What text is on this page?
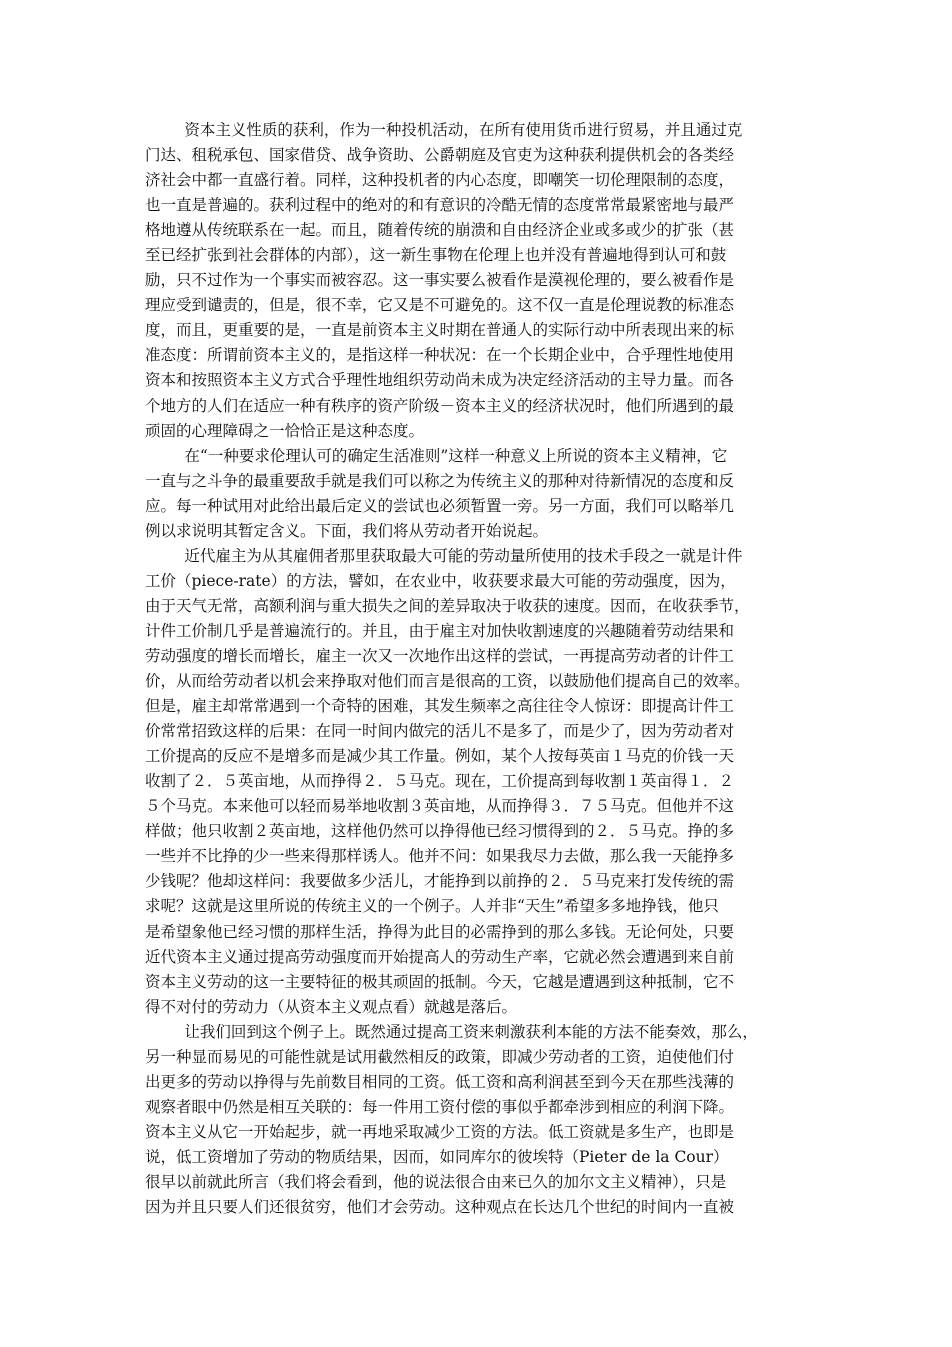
资本主义性质的获利，作为一种投机活动，在所有使用货币进行贸易，并且通过克
门达、租税承包、国家借贷、战争资助、公爵朝庭及官吏为这种获利提供机会的各类经
济社会中都一直盛行着。同样，这种投机者的内心态度，即嘲笑一切伦理限制的态度，
也一直是普遍的。获利过程中的绝对的和有意识的冷酷无情的态度常常最紧密地与最严
格地遵从传统联系在一起。而且，随着传统的崩溃和自由经济企业或多或少的扩张（甚
至已经扩张到社会群体的内部），这一新生事物在伦理上也并没有普遍地得到认可和鼓
励，只不过作为一个事实而被容忍。这一事实要么被看作是漠视伦理的，要么被看作是
理应受到谴责的，但是，很不幸，它又是不可避免的。这不仅一直是伦理说教的标准态
度，而且，更重要的是，一直是前资本主义时期在普通人的实际行动中所表现出来的标
准态度：所谓前资本主义的，是指这样一种状况：在一个长期企业中，合乎理性地使用
资本和按照资本主义方式合乎理性地组织劳动尚未成为决定经济活动的主导力量。而各
个地方的人们在适应一种有秩序的资产阶级－资本主义的经济状况时，他们所遇到的最
顽固的心理障碍之一恰恰正是这种态度。
在“一种要求伦理认可的确定生活准则”这样一种意义上所说的资本主义精神，它
一直与之斗争的最重要敌手就是我们可以称之为传统主义的那种对待新情况的态度和反
应。每一种试用对此给出最后定义的尝试也必须暂置一旁。另一方面，我们可以略举几
例以求说明其暂定含义。下面，我们将从劳动者开始说起。
近代雇主为从其雇佣者那里获取最大可能的劳动量所使用的技术手段之一就是计件
工价（piece-rate）的方法，譬如，在农业中，收获要求最大可能的劳动强度，因为，
由于天气无常，高额利润与重大损失之间的差异取决于收获的速度。因而，在收获季节，
计件工价制几乎是普遍流行的。并且，由于雇主对加快收割速度的兴趣随着劳动结果和
劳动强度的增长而增长，雇主一次又一次地作出这样的尝试，一再提高劳动者的计件工
价，从而给劳动者以机会来挣取对他们而言是很高的工资，以鼓励他们提高自己的效率。
但是，雇主却常常遇到一个奇特的困难，其发生频率之高往往令人惊讶：即提高计件工
价常常招致这样的后果：在同一时间内做完的活儿不是多了，而是少了，因为劳动者对
工价提高的反应不是增多而是减少其工作量。例如，某个人按每英亩１马克的价钱一天
收割了２．５英亩地，从而挣得２．５马克。现在，工价提高到每收割１英亩得１．２
５个马克。本来他可以轻而易举地收割３英亩地，从而挣得３．７５马克。但他并不这
样做；他只收割２英亩地，这样他仍然可以挣得他已经习惯得到的２．５马克。挣的多
一些并不比挣的少一些来得那样诱人。他并不问：如果我尽力去做，那么我一天能挣多
少钱呢？他却这样问：我要做多少活儿，才能挣到以前挣的２．５马克来打发传统的需
求呢？这就是这里所说的传统主义的一个例子。人并非“天生”希望多多地挣钱，他只
是希望象他已经习惯的那样生活，挣得为此目的必需挣到的那么多钱。无论何处，只要
近代资本主义通过提高劳动强度而开始提高人的劳动生产率，它就必然会遭遇到来自前
资本主义劳动的这一主要特征的极其顽固的抵制。今天，它越是遭遇到这种抵制，它不
得不对付的劳动力（从资本主义观点看）就越是落后。
让我们回到这个例子上。既然通过提高工资来刺激获利本能的方法不能奏效，那么，
另一种显而易见的可能性就是试用截然相反的政策，即减少劳动者的工资，迫使他们付
出更多的劳动以挣得与先前数目相同的工资。低工资和高利润甚至到今天在那些浅薄的
观察者眼中仍然是相互关联的：每一件用工资付偿的事似乎都牵涉到相应的利润下降。
资本主义从它一开始起步，就一再地采取减少工资的方法。低工资就是多生产，也即是
说，低工资增加了劳动的物质结果，因而，如同库尔的彼埃特（Pieter de la Cour）
很早以前就此所言（我们将会看到，他的说法很合由来已久的加尔文主义精神），只是
因为并且只要人们还很贫穷，他们才会劳动。这种观点在长达几个世纪的时间内一直被
